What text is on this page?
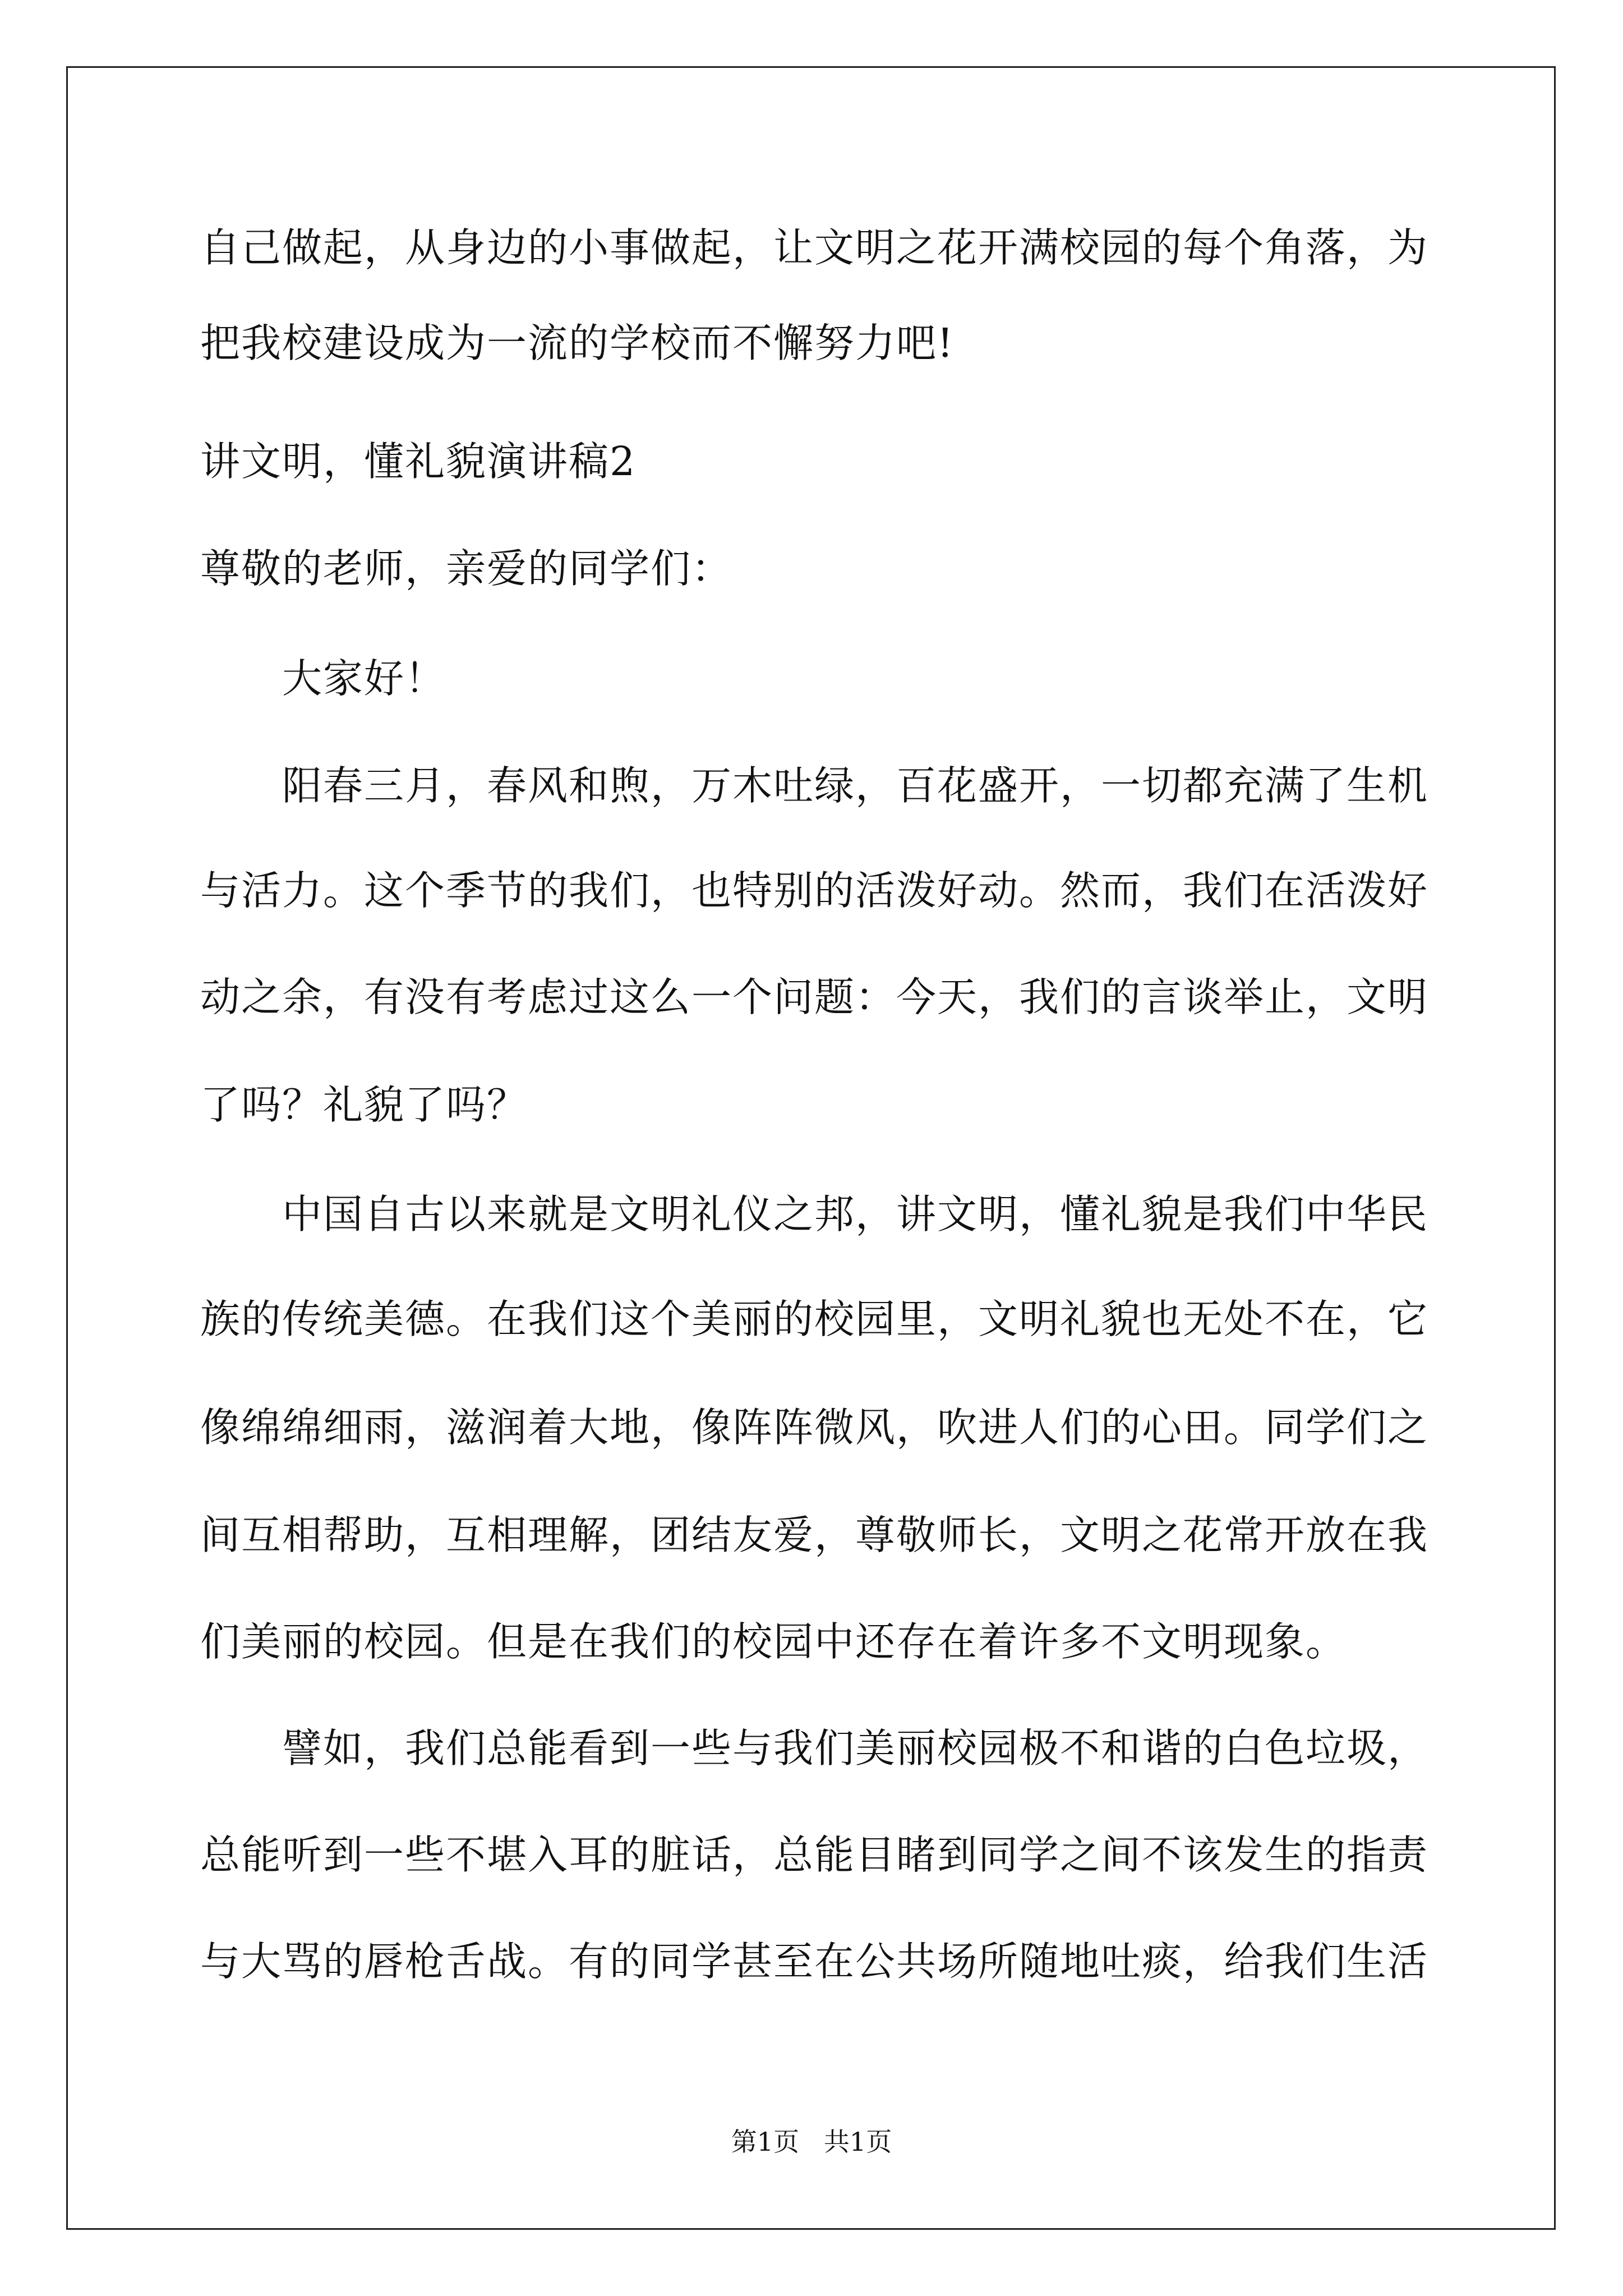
自己做起，从身边的小事做起，让文明之花开满校园的每个角落，为
把我校建设成为一流的学校而不懈努力吧!
讲文明，懂礼貌演讲稿2
尊敬的老师，亲爱的同学们：
大家好！
阳春三月，春风和煦，万木吐绿，百花盛开，一切都充满了生机
与活力。这个季节的我们，也特别的活泼好动。然而，我们在活泼好
动之余，有没有考虑过这么一个问题：今天，我们的言谈举止，文明
了吗？礼貌了吗？
中国自古以来就是文明礼仪之邦，讲文明，懂礼貌是我们中华民
族的传统美德。在我们这个美丽的校园里，文明礼貌也无处不在，它
像绵绵细雨，滋润着大地，像阵阵微风，吹进人们的心田。同学们之
间互相帮助，互相理解，团结友爱，尊敬师长，文明之花常开放在我
们美丽的校园。但是在我们的校园中还存在着许多不文明现象。
譬如，我们总能看到一些与我们美丽校园极不和谐的白色垃圾，
总能听到一些不堪入耳的脏话，总能目睹到同学之间不该发生的指责
与大骂的唇枪舌战。有的同学甚至在公共场所随地吐痰，给我们生活
第1页   共1页
